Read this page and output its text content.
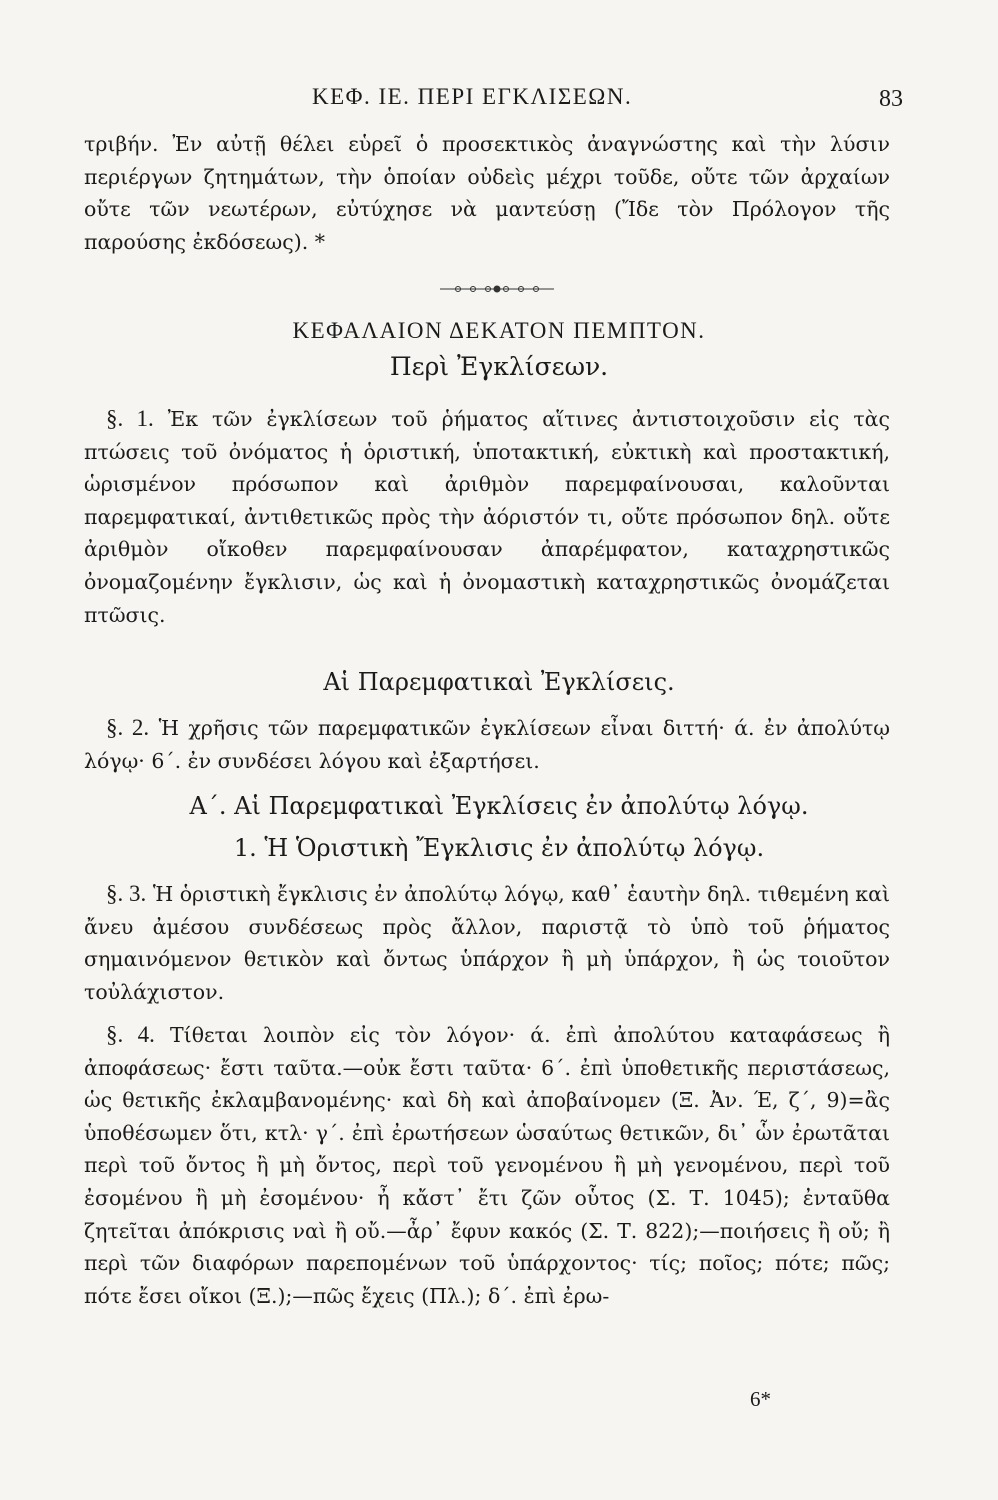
ΚΕΦ. ΙΕ. ΠΕΡΙ ΕΓΚΛΙΣΕΩΝ.	83

τριβήν. Ἐν αὐτῇ θέλει εὑρεῖ ὁ προσεκτικὸς ἀναγνώστης καὶ τὴν λύσιν περιέργων ζητημάτων, τὴν ὁποίαν οὐδεὶς μέχρι τοῦδε, οὔτε τῶν ἀρχαίων οὔτε τῶν νεωτέρων, εὐτύχησε νὰ μαντεύσῃ (Ἴδε τὸν Πρόλογον τῆς παρούσης ἐκδόσεως). *

ΚΕΦΑΛΑΙΟΝ ΔΕΚΑΤΟΝ ΠΕΜΠΤΟΝ.
Περὶ Ἐγκλίσεων.

§. 1. Ἐκ τῶν ἐγκλίσεων τοῦ ῥήματος αἵτινες ἀντιστοιχοῦσιν εἰς τὰς πτώσεις τοῦ ὀνόματος ἡ ὁριστική, ὑποτακτική, εὐκτικὴ καὶ προστακτική, ὡρισμένον πρόσωπον καὶ ἀριθμὸν παρεμφαίνουσαι, καλοῦνται παρεμφατικαί, ἀντιθετικῶς πρὸς τὴν ἀόριστόν τι, οὔτε πρόσωπον δηλ. οὔτε ἀριθμὸν οἴκοθεν παρεμφαίνουσαν ἀπαρέμφατον, καταχρηστικῶς ὀνομαζομένην ἔγκλισιν, ὡς καὶ ἡ ὀνομαστικὴ καταχρηστικῶς ὀνομάζεται πτῶσις.

Αἱ Παρεμφατικαὶ Ἐγκλίσεις.

§. 2. Ἡ χρῆσις τῶν παρεμφατικῶν ἐγκλίσεων εἶναι διττή· ά. ἐν ἀπολύτῳ λόγῳ· 6΄. ἐν συνδέσει λόγου καὶ ἐξαρτήσει.

Α΄. Αἱ Παρεμφατικαὶ Ἐγκλίσεις ἐν ἀπολύτῳ λόγῳ.
1. Ἡ Ὁριστικὴ Ἔγκλισις ἐν ἀπολύτῳ λόγῳ.

§. 3. Ἡ ὁριστικὴ ἔγκλισις ἐν ἀπολύτῳ λόγῳ, καθ᾽ ἑαυτὴν δηλ. τιθεμένη καὶ ἄνευ ἀμέσου συνδέσεως πρὸς ἄλλον, παριστᾷ τὸ ὑπὸ τοῦ ῥήματος σημαινόμενον θετικὸν καὶ ὄντως ὑπάρχον ἢ μὴ ὑπάρχον, ἢ ὡς τοιοῦτον τοὐλάχιστον.

§. 4. Τίθεται λοιπὸν εἰς τὸν λόγον· ά. ἐπὶ ἀπολύτου καταφάσεως ἢ ἀποφάσεως· ἔστι ταῦτα.—οὐκ ἔστι ταῦτα· 6΄. ἐπὶ ὑποθετικῆς περιστάσεως, ὡς θετικῆς ἐκλαμβανομένης· καὶ δὴ καὶ ἀποβαίνομεν (Ξ. Ἀν. Έ, ζ΄, 9)=ἂς ὑποθέσωμεν ὅτι, κτλ· γ΄. ἐπὶ ἐρωτήσεων ὡσαύτως θετικῶν, δι᾽ ὧν ἐρωτᾶται περὶ τοῦ ὄντος ἢ μὴ ὄντος, περὶ τοῦ γενομένου ἢ μὴ γενομένου, περὶ τοῦ ἐσομένου ἢ μὴ ἐσομένου· ἦ κἄστ᾽ ἔτι ζῶν οὗτος (Σ. Τ. 1045); ἐνταῦθα ζητεῖται ἀπόκρισις ναὶ ἢ οὔ.—ἆρ᾽ ἔφυν κακός (Σ. Τ. 822);—ποιήσεις ἢ οὔ; ἢ περὶ τῶν διαφόρων παρεπομένων τοῦ ὑπάρχοντος· τίς; ποῖος; πότε; πῶς; πότε ἔσει οἴκοι (Ξ.);—πῶς ἔχεις (Πλ.); δ΄. ἐπὶ ἐρω-

6*
